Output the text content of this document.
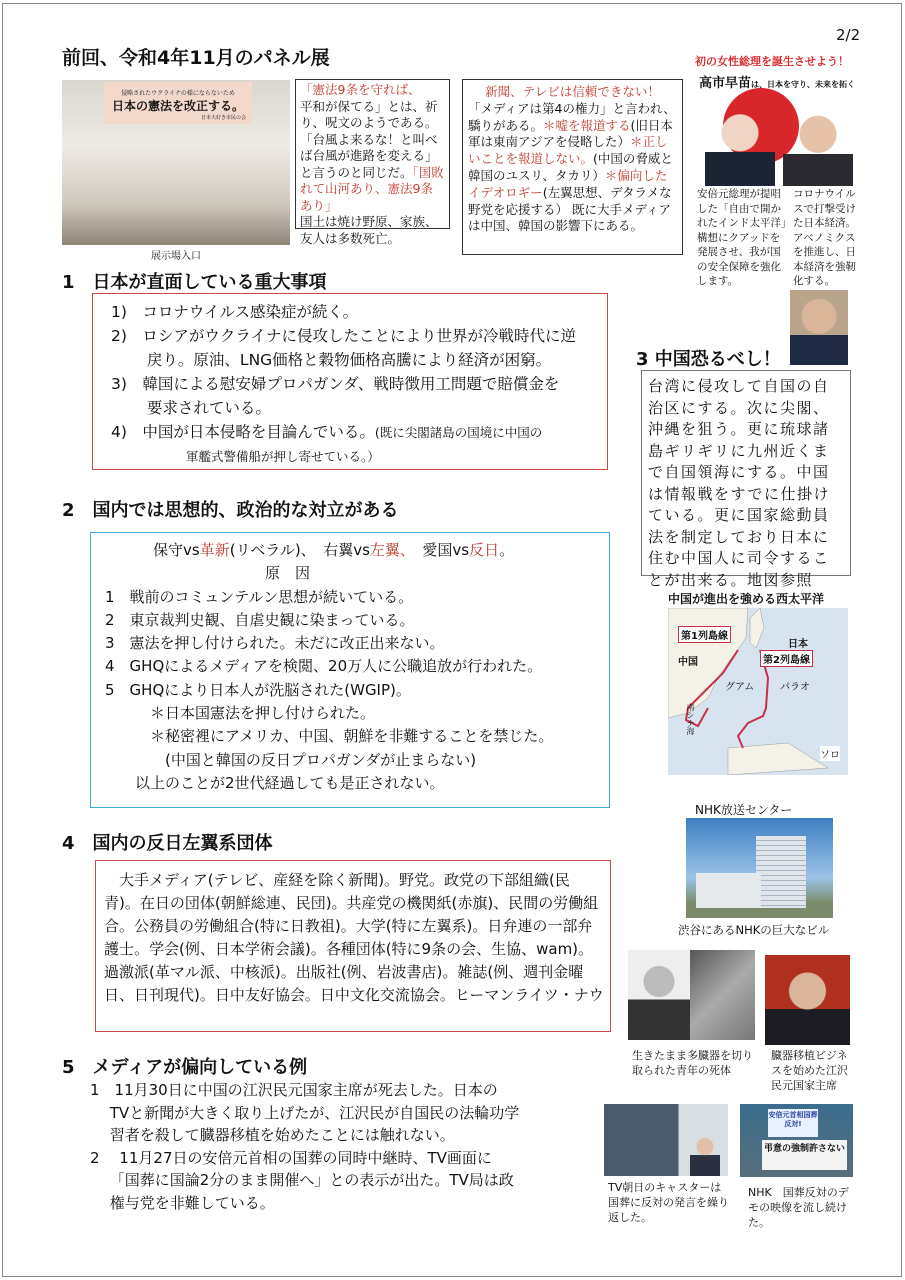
2/2
前回、令和4年11月のパネル展
侵略されたウクライナの様にならないため
日本の憲法を改正する。
日本大好き市民の会
展示場入口
「憲法9条を守れば、
平和が保てる」とは、祈り、呪文のようである。「台風よ来るな！と叫べば台風が進路を変える」と言うのと同じだ。「国敗れて山河あり、憲法9条あり」
国土は焼け野原、家族、友人は多数死亡。
新聞、テレビは信頼できない！
「メディアは第4の権力」と言われ、驕りがある。＊嘘を報道する(旧日本軍は東南アジアを侵略した）＊正しいことを報道しない。(中国の脅威と韓国のユスリ、タカリ）＊偏向したイデオロギー(左翼思想、デタラメな野党を応援する） 既に大手メディアは中国、韓国の影響下にある。
初の女性総理を誕生させよう！
高市早苗は、日本を守り、未来を拓く
安倍元総理が提唱した「自由で開かれたインド太平洋」構想にクアッドを発展させ、我が国の安全保障を強化します。
コロナウイルスで打撃受けた日本経済。
アベノミクスを推進し、日本経済を強靭化する。
1　日本が直面している重大事項
1)　コロナウイルス感染症が続く。
2)　ロシアがウクライナに侵攻したことにより世界が冷戦時代に逆
　　 戻り。原油、LNG価格と穀物価格高騰により経済が困窮。
3)　韓国による慰安婦プロパガンダ、戦時徴用工問題で賠償金を
　　 要求されている。
4)　中国が日本侵略を目論んでいる。(既に尖閣諸島の国境に中国の
　　　　　　軍艦式警備船が押し寄せている。）
3 中国恐るべし！
台湾に侵攻して自国の自治区にする。次に尖閣、沖縄を狙う。更に琉球諸島ギリギリに九州近くまで自国領海にする。中国は情報戦をすでに仕掛けている。更に国家総動員法を制定しており日本に住む中国人に司令することが出来る。地図参照
中国が進出を強める西太平洋
第1列島線
日本
第2列島線
中国
南シナ海
グアム	パラオ
ソロ
2　国内では思想的、政治的な対立がある
保守vs革新(リベラル)、　右翼vs左翼、　 愛国vs反日。
原　因
1　戦前のコミュンテルン思想が続いている。
2　東京裁判史観、自虐史観に染まっている。
3　憲法を押し付けられた。未だに改正出来ない。
4　GHQによるメディアを検閲、20万人に公職追放が行われた。
5　GHQにより日本人が洗脳された(WGIP)。
　　　＊日本国憲法を押し付けられた。
　　　＊秘密裡にアメリカ、中国、朝鮮を非難することを禁じた。
　　　　(中国と韓国の反日プロパガンダが止まらない)
　　以上のことが2世代経過しても是正されない。
NHK放送センター
渋谷にあるNHKの巨大なビル
4　国内の反日左翼系団体
　大手メディア(テレビ、産経を除く新聞)。野党。政党の下部組織(民青)。在日の団体(朝鮮総連、民団)。共産党の機関紙(赤旗)、民間の労働組合。公務員の労働組合(特に日教祖)。大学(特に左翼系)。日弁連の一部弁護士。学会(例、日本学術会議)。各種団体(特に9条の会、生協、wam)。過激派(革マル派、中核派)。出版社(例、岩波書店)。雑誌(例、週刊金曜日、日刊現代)。日中友好協会。日中文化交流協会。ヒーマンライツ・ナウ
5　メディアが偏向している例
1　11月30日に中国の江沢民元国家主席が死去した。日本の
　 TVと新聞が大きく取り上げたが、江沢民が自国民の法輪功学
　 習者を殺して臓器移植を始めたことには触れない。
2　 11月27日の安倍元首相の国葬の同時中継時、TV画面に
　 「国葬に国論2分のまま開催へ」との表示が出た。TV局は政
　 権与党を非難している。
生きたまま多臓器を切り取られた青年の死体
臓器移植ビジネスを始めた江沢民元国家主席
安倍元首相国葬反対!
弔意の強制許さない
TV朝日のキャスターは国葬に反対の発言を繰り返した。
NHK　国葬反対のデモの映像を流し続けた。
